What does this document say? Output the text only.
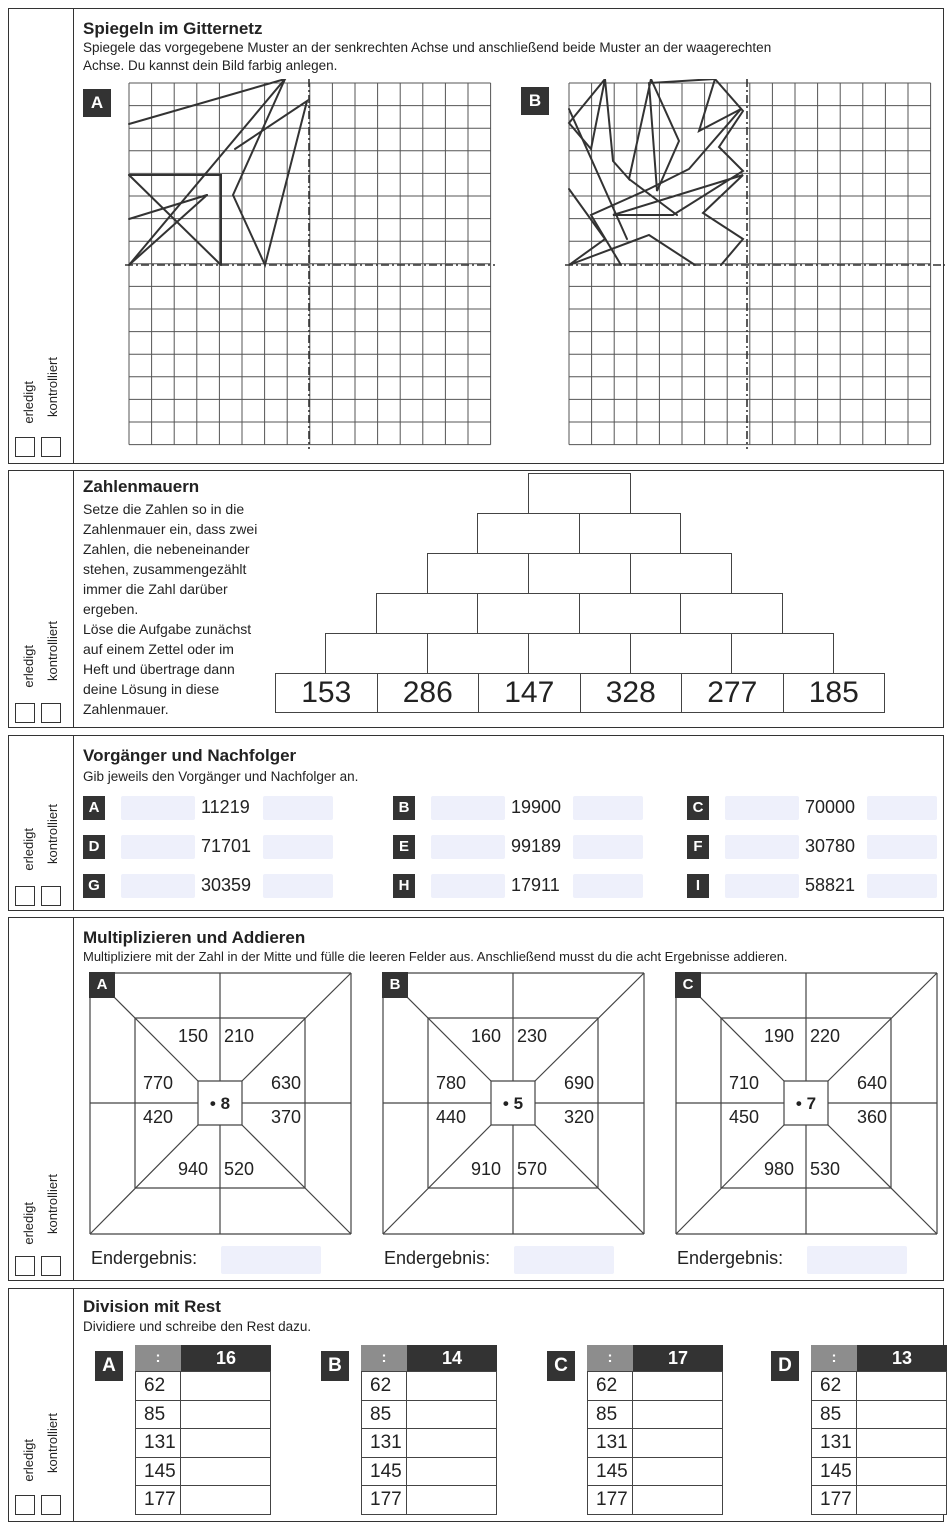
erledigt kontrolliert
Spiegeln im Gitternetz
Spiegele das vorgegebene Muster an der senkrechten Achse und anschließend beide Muster an der waagerechten
Achse. Du kannst dein Bild farbig anlegen.
A	B
erledigt kontrolliert
Zahlenmauern
Setze die Zahlen so in die
Zahlenmauer ein, dass zwei
Zahlen, die nebeneinander
stehen, zusammengezählt
immer die Zahl darüber
ergeben.
Löse die Aufgabe zunächst
auf einem Zettel oder im
Heft und übertrage dann
deine Lösung in diese
Zahlenmauer.	153	286	147	328	277	185
erledigt kontrolliert
Vorgänger und Nachfolger
Gib jeweils den Vorgänger und Nachfolger an.
A	11219	B	19900	C	70000
D	71701	E	99189	F	30780
G	30359	H	17911	I	58821
erledigt kontrolliert
Multiplizieren und Addieren
Multipliziere mit der Zahl in der Mitte und fülle die leeren Felder aus. Anschließend musst du die acht Ergebnisse addieren.
150 210
770	630
420	370
940 520
• 8
A
Endergebnis:
160 230
780	690
440	320
910 570
• 5
B
Endergebnis:
190 220
710	640
450	360
980 530
• 7
C
Endergebnis:
erledigt kontrolliert
Division mit Rest
Dividiere und schreibe den Rest dazu.
A	:	16
62
85
131
145
177
B	:	14
62
85
131
145
177
C	:	17
62
85
131
145
177
D	:	13
62
85
131
145
177
